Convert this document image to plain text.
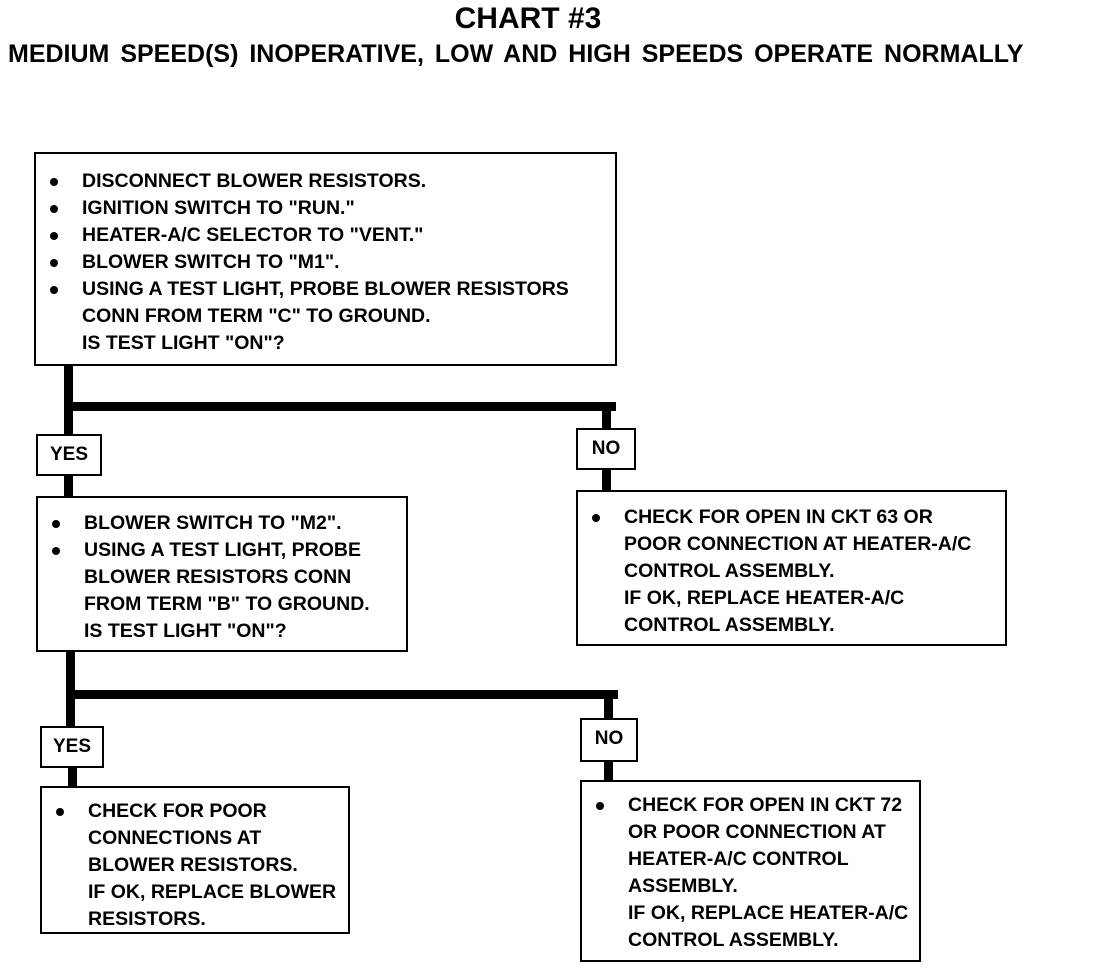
CHART #3
MEDIUM SPEED(S) INOPERATIVE, LOW AND HIGH SPEEDS OPERATE NORMALLY
DISCONNECT BLOWER RESISTORS.
IGNITION SWITCH TO "RUN."
HEATER-A/C SELECTOR TO "VENT."
BLOWER SWITCH TO "M1".
USING A TEST LIGHT, PROBE BLOWER RESISTORS
CONN FROM TERM "C" TO GROUND.
IS TEST LIGHT "ON"?
YES	NO
BLOWER SWITCH TO "M2".
USING A TEST LIGHT, PROBE
BLOWER RESISTORS CONN
FROM TERM "B" TO GROUND.
IS TEST LIGHT "ON"?
CHECK FOR OPEN IN CKT 63 OR
POOR CONNECTION AT HEATER-A/C
CONTROL ASSEMBLY.
IF OK, REPLACE HEATER-A/C
CONTROL ASSEMBLY.
YES	NO
CHECK FOR POOR
CONNECTIONS AT
BLOWER RESISTORS.
IF OK, REPLACE BLOWER
RESISTORS.
CHECK FOR OPEN IN CKT 72
OR POOR CONNECTION AT
HEATER-A/C CONTROL
ASSEMBLY.
IF OK, REPLACE HEATER-A/C
CONTROL ASSEMBLY.
